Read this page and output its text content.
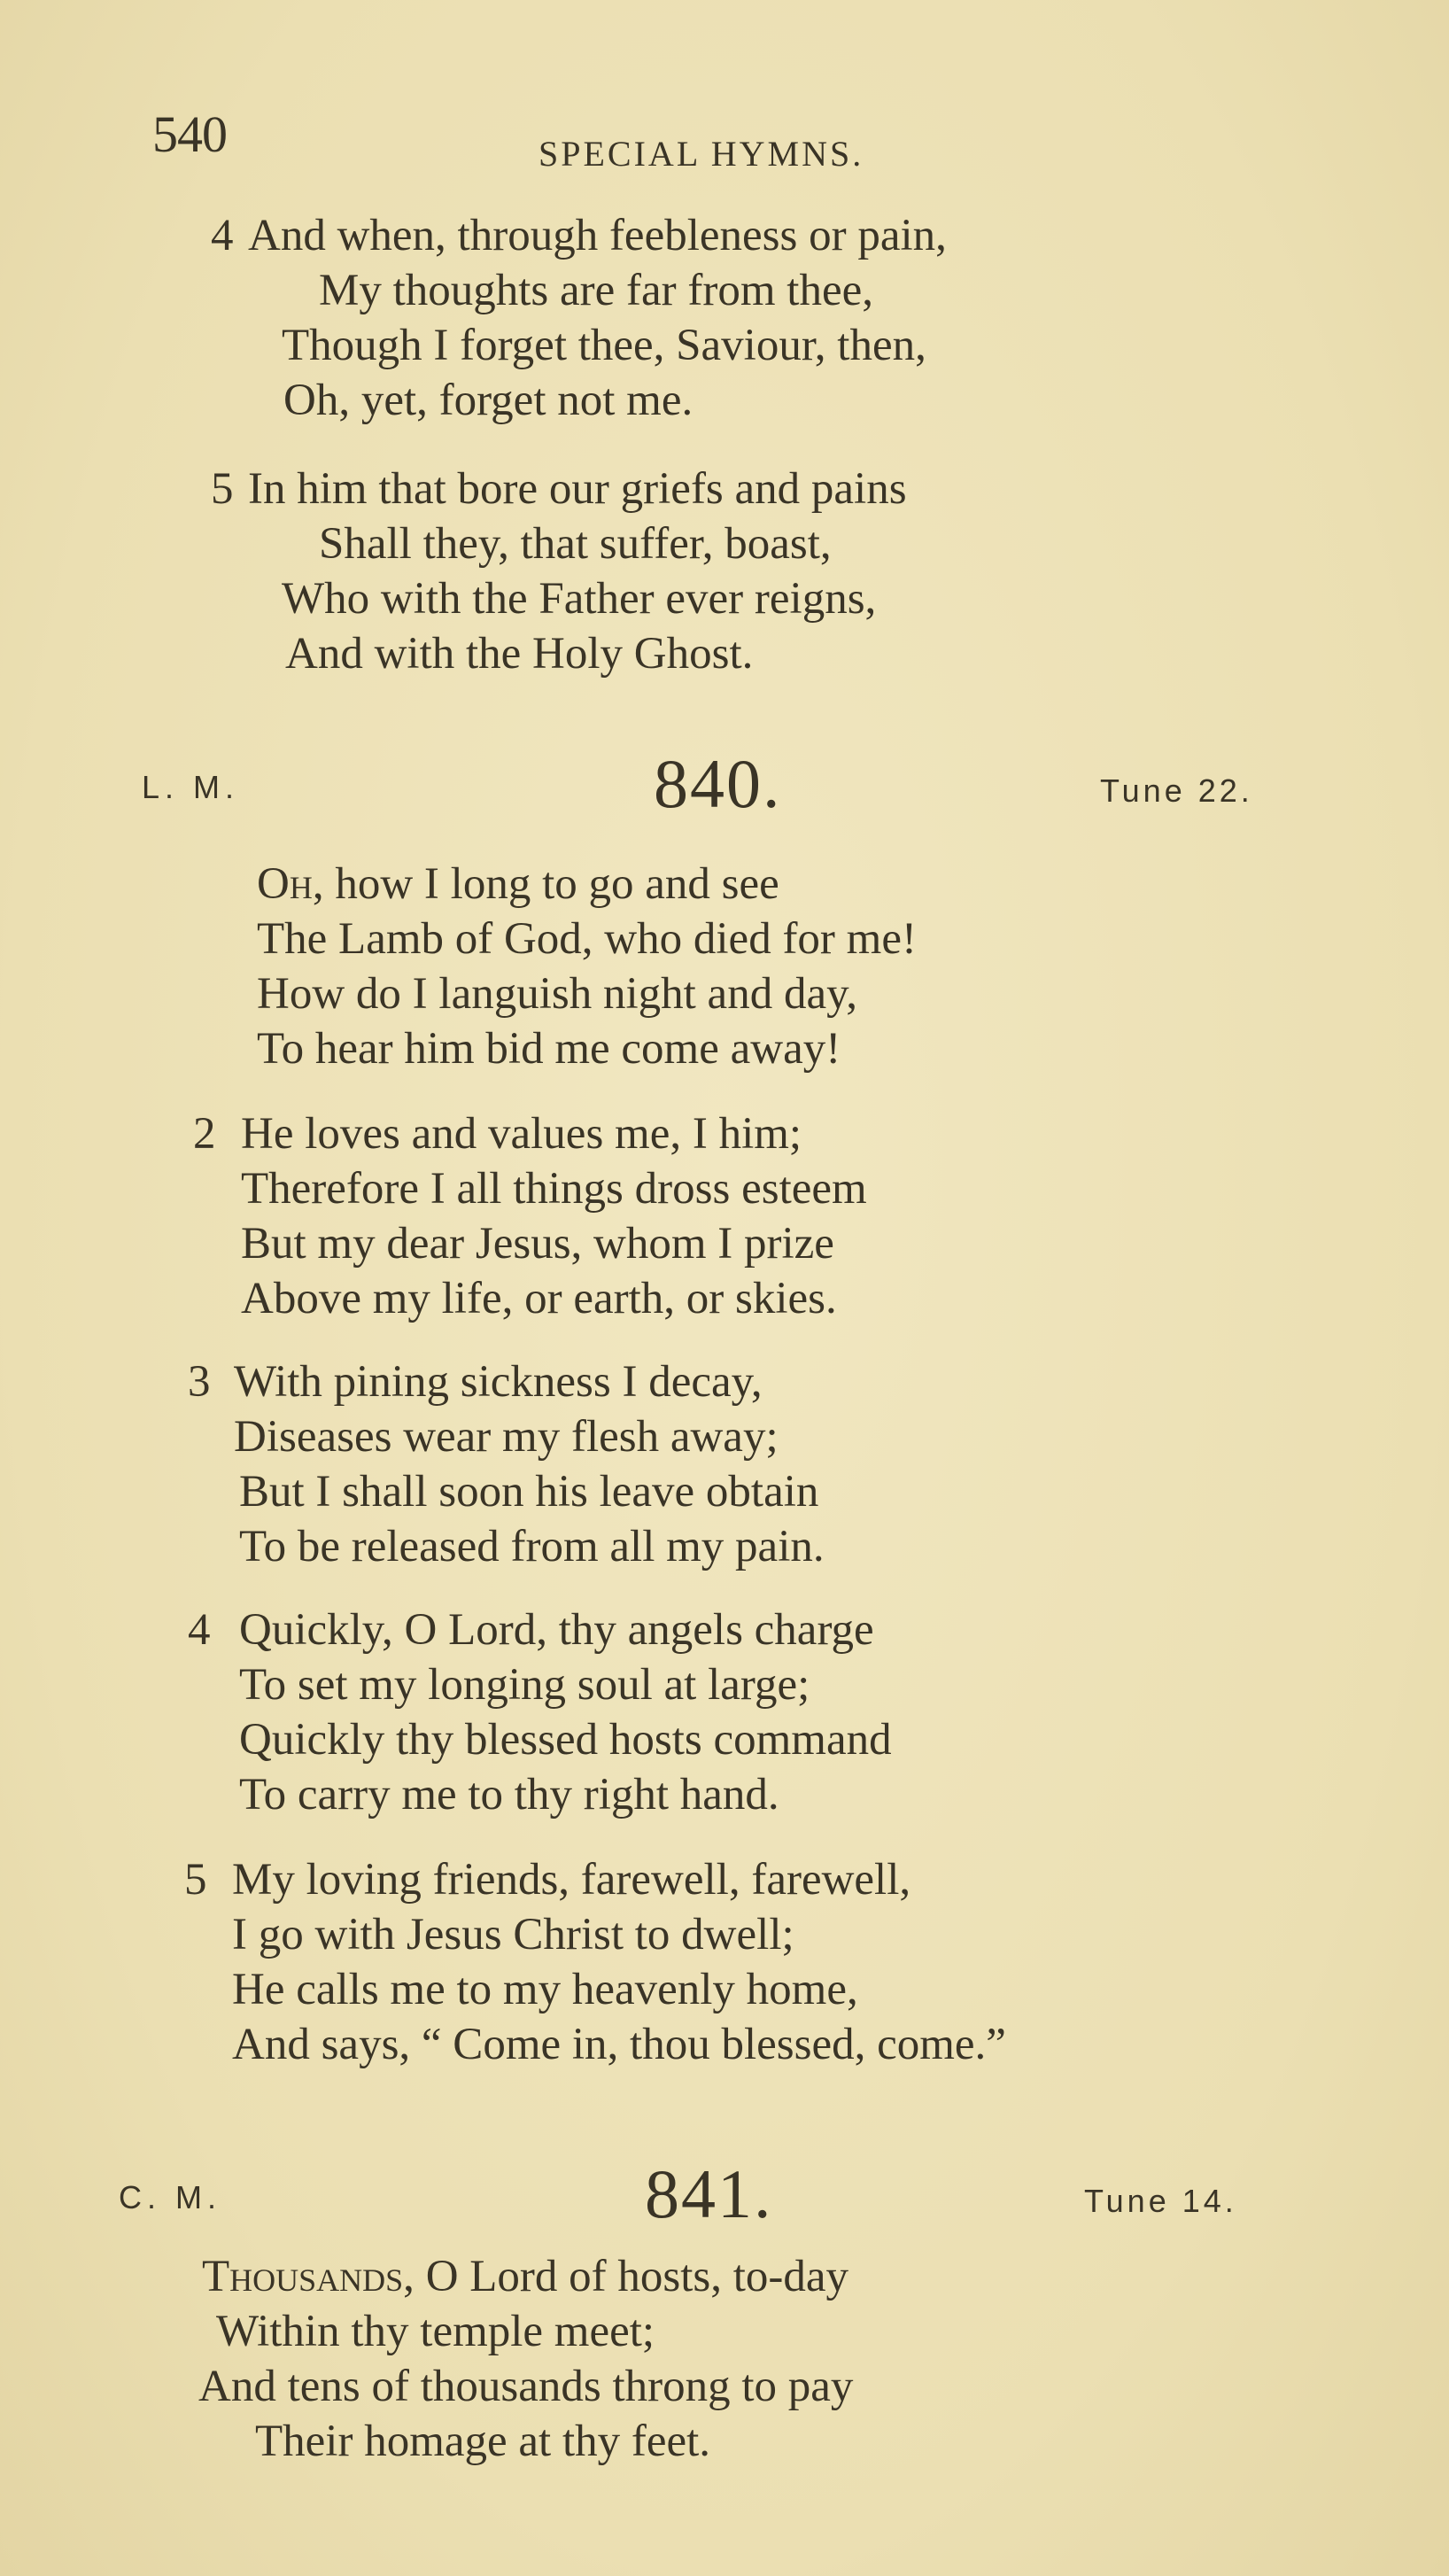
540	SPECIAL HYMNS.
4 And when, through feebleness or pain,
My thoughts are far from thee,
Though I forget thee, Saviour, then,
Oh, yet, forget not me.
5 In him that bore our griefs and pains
Shall they, that suffer, boast,
Who with the Father ever reigns,
And with the Holy Ghost.
L. M.	840.	Tune 22.
Oh, how I long to go and see
The Lamb of God, who died for me!
How do I languish night and day,
To hear him bid me come away!
2 He loves and values me, I him;
Therefore I all things dross esteem
But my dear Jesus, whom I prize
Above my life, or earth, or skies.
3 With pining sickness I decay,
Diseases wear my flesh away;
But I shall soon his leave obtain
To be released from all my pain.
4 Quickly, O Lord, thy angels charge
To set my longing soul at large;
Quickly thy blessed hosts command
To carry me to thy right hand.
5 My loving friends, farewell, farewell,
I go with Jesus Christ to dwell;
He calls me to my heavenly home,
And says, “ Come in, thou blessed, come.”
C. M.	841.	Tune 14.
Thousands, O Lord of hosts, to-day
Within thy temple meet;
And tens of thousands throng to pay
Their homage at thy feet.
